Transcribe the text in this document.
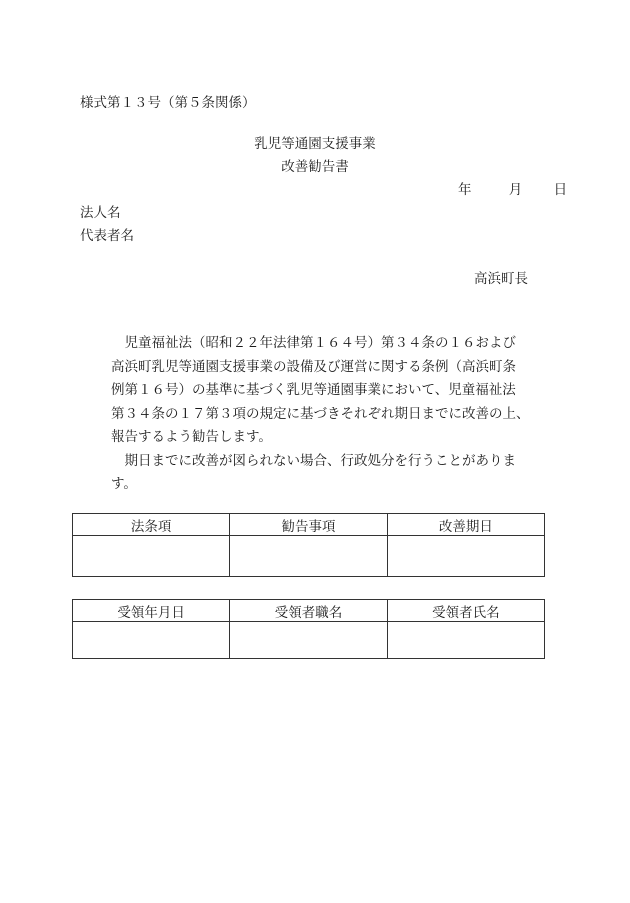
様式第１３号（第５条関係）
乳児等通園支援事業
改善勧告書
年	月 日
法人名
代表者名
高浜町長

児童福祉法（昭和２２年法律第１６４号）第３４条の１６および
高浜町乳児等通園支援事業の設備及び運営に関する条例（高浜町条
例第１６号）の基準に基づく乳児等通園事業において、児童福祉法
第３４条の１７第３項の規定に基づきそれぞれ期日までに改善の上、
報告するよう勧告します。

期日までに改善が図られない場合、行政処分を行うことがありま
す。

法条項	勧告事項	改善期日

受領年月日	受領者職名	受領者氏名
